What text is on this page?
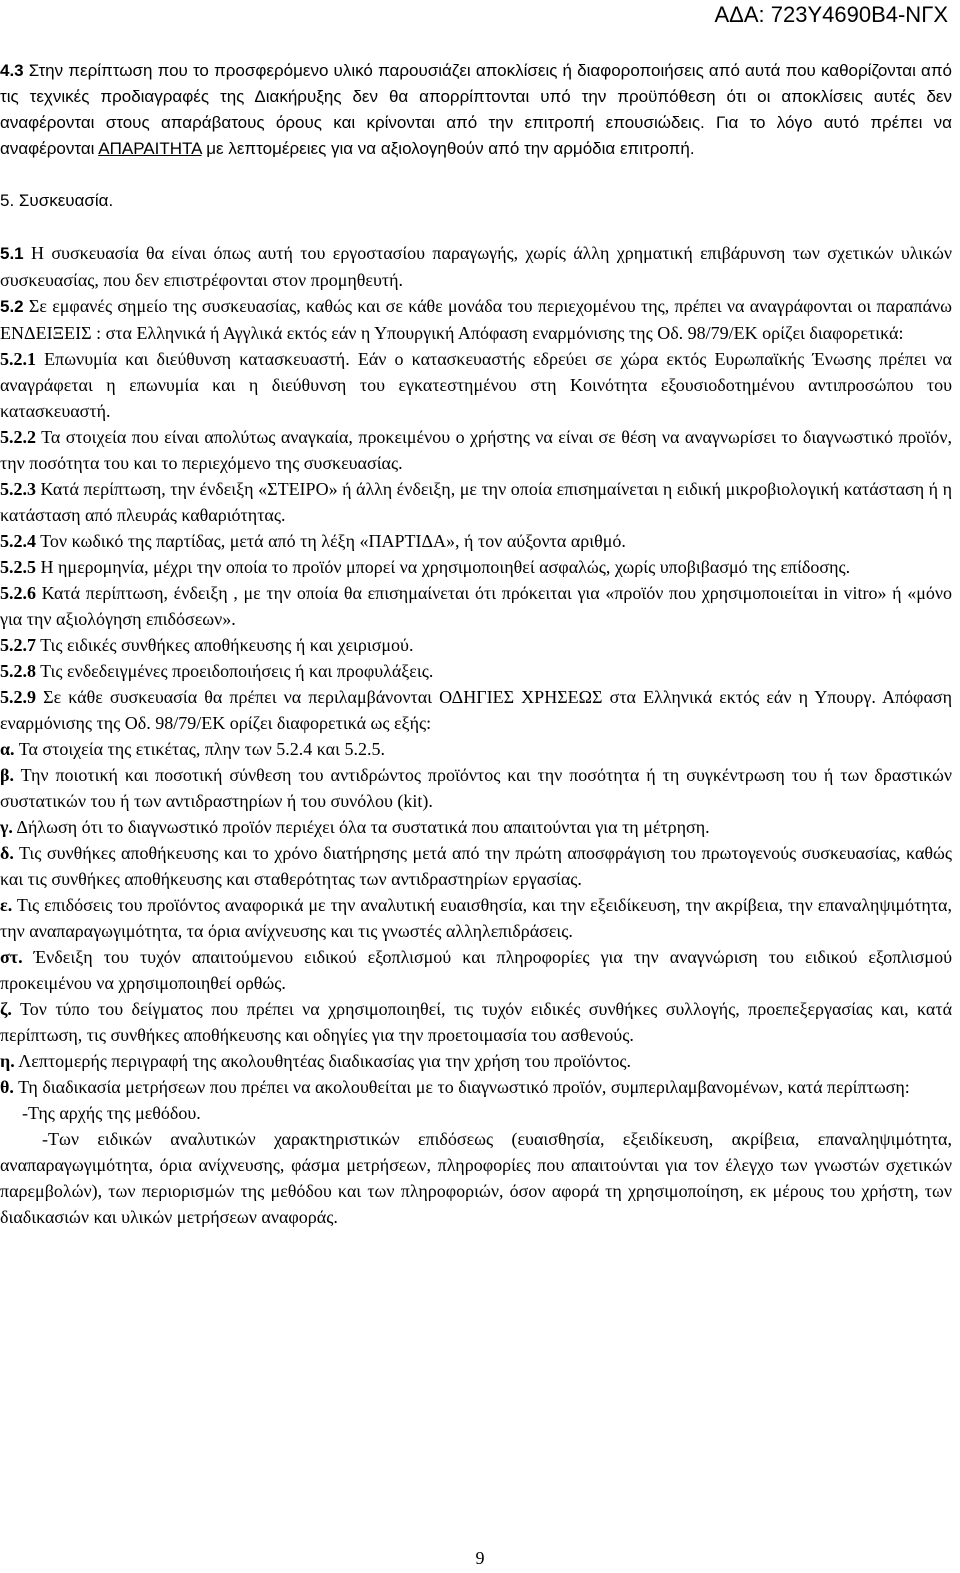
ΑΔΑ: 723Υ4690Β4-ΝΓΧ

4.3 Στην περίπτωση που το προσφερόμενο υλικό παρουσιάζει αποκλίσεις ή διαφοροποιήσεις από αυτά που καθορίζονται από τις τεχνικές προδιαγραφές της Διακήρυξης δεν θα απορρίπτονται υπό την προϋπόθεση ότι οι αποκλίσεις αυτές δεν αναφέρονται στους απαράβατους όρους και κρίνονται από την επιτροπή επουσιώδεις. Για το λόγο αυτό πρέπει να αναφέρονται ΑΠΑΡΑΙΤΗΤΑ με λεπτομέρειες για να αξιολογηθούν από την αρμόδια επιτροπή.

5. Συσκευασία.

5.1 Η συσκευασία θα είναι όπως αυτή του εργοστασίου παραγωγής, χωρίς άλλη χρηματική επιβάρυνση των σχετικών υλικών συσκευασίας, που δεν επιστρέφονται στον προμηθευτή.

5.2 Σε εμφανές σημείο της συσκευασίας, καθώς και σε κάθε μονάδα του περιεχομένου της, πρέπει να αναγράφονται οι παραπάνω ΕΝΔΕΙΞΕΙΣ : στα Ελληνικά ή Αγγλικά εκτός εάν η Υπουργική Απόφαση εναρμόνισης της Οδ. 98/79/ΕΚ ορίζει διαφορετικά:

5.2.1 Επωνυμία και διεύθυνση κατασκευαστή. Εάν ο κατασκευαστής εδρεύει σε χώρα εκτός Ευρωπαϊκής Ένωσης πρέπει να αναγράφεται η επωνυμία και η διεύθυνση του εγκατεστημένου στη Κοινότητα εξουσιοδοτημένου αντιπροσώπου του κατασκευαστή.

5.2.2 Τα στοιχεία που είναι απολύτως αναγκαία, προκειμένου ο χρήστης να είναι σε θέση να αναγνωρίσει το διαγνωστικό προϊόν, την ποσότητα του και το περιεχόμενο της συσκευασίας.

5.2.3 Κατά περίπτωση, την ένδειξη «ΣΤΕΙΡΟ» ή άλλη ένδειξη, με την οποία επισημαίνεται η ειδική μικροβιολογική κατάσταση ή η κατάσταση από πλευράς καθαριότητας.

5.2.4 Τον κωδικό της παρτίδας, μετά από τη λέξη «ΠΑΡΤΙΔΑ», ή τον αύξοντα αριθμό.

5.2.5 Η ημερομηνία, μέχρι την οποία το προϊόν μπορεί να χρησιμοποιηθεί ασφαλώς, χωρίς υποβιβασμό της επίδοσης.

5.2.6 Κατά περίπτωση, ένδειξη , με την οποία θα επισημαίνεται ότι πρόκειται για «προϊόν που χρησιμοποιείται in vitro» ή «μόνο για την αξιολόγηση επιδόσεων».

5.2.7 Τις ειδικές συνθήκες αποθήκευσης ή και χειρισμού.

5.2.8 Τις ενδεδειγμένες προειδοποιήσεις ή και προφυλάξεις.

5.2.9 Σε κάθε συσκευασία θα πρέπει να περιλαμβάνονται ΟΔΗΓΙΕΣ ΧΡΗΣΕΩΣ στα Ελληνικά εκτός εάν η Υπουργ. Απόφαση εναρμόνισης της Οδ. 98/79/ΕΚ ορίζει διαφορετικά ως εξής:

α. Τα στοιχεία της ετικέτας, πλην των 5.2.4 και 5.2.5.

β. Την ποιοτική και ποσοτική σύνθεση του αντιδρώντος προϊόντος και την ποσότητα ή τη συγκέντρωση του ή των δραστικών συστατικών του ή των αντιδραστηρίων ή του συνόλου (kit).

γ. Δήλωση ότι το διαγνωστικό προϊόν περιέχει όλα τα συστατικά που απαιτούνται για τη μέτρηση.

δ. Τις συνθήκες αποθήκευσης και το χρόνο διατήρησης μετά από την πρώτη αποσφράγιση του πρωτογενούς συσκευασίας, καθώς και τις συνθήκες αποθήκευσης και σταθερότητας των αντιδραστηρίων εργασίας.

ε. Τις επιδόσεις του προϊόντος αναφορικά με την αναλυτική ευαισθησία, και την εξειδίκευση, την ακρίβεια, την επαναληψιμότητα, την αναπαραγωγιμότητα, τα όρια ανίχνευσης και τις γνωστές αλληλεπιδράσεις.

στ. Ένδειξη του τυχόν απαιτούμενου ειδικού εξοπλισμού και πληροφορίες για την αναγνώριση του ειδικού εξοπλισμού προκειμένου να χρησιμοποιηθεί ορθώς.

ζ. Τον τύπο του δείγματος που πρέπει να χρησιμοποιηθεί, τις τυχόν ειδικές συνθήκες συλλογής, προεπεξεργασίας και, κατά περίπτωση, τις συνθήκες αποθήκευσης και οδηγίες για την προετοιμασία του ασθενούς.

η. Λεπτομερής περιγραφή της ακολουθητέας διαδικασίας για την χρήση του προϊόντος.

θ. Τη διαδικασία μετρήσεων που πρέπει να ακολουθείται με το διαγνωστικό προϊόν, συμπεριλαμβανομένων, κατά περίπτωση:

-Της αρχής της μεθόδου.

-Των ειδικών αναλυτικών χαρακτηριστικών επιδόσεως (ευαισθησία, εξειδίκευση, ακρίβεια, επαναληψιμότητα, αναπαραγωγιμότητα, όρια ανίχνευσης, φάσμα μετρήσεων, πληροφορίες που απαιτούνται για τον έλεγχο των γνωστών σχετικών παρεμβολών), των περιορισμών της μεθόδου και των πληροφοριών, όσον αφορά τη χρησιμοποίηση, εκ μέρους του χρήστη, των διαδικασιών και υλικών μετρήσεων αναφοράς.

9
